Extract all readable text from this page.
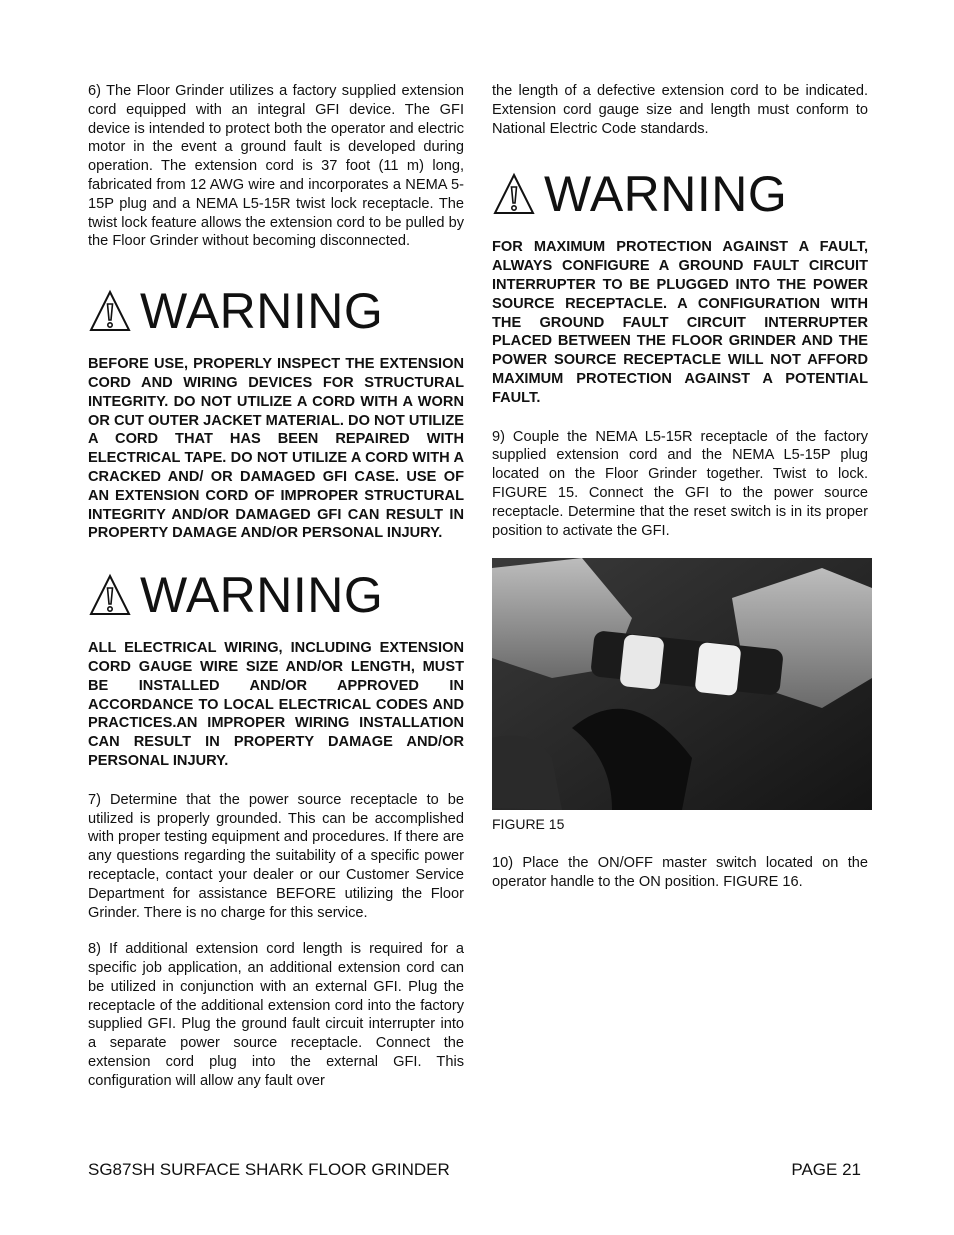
6) The Floor Grinder utilizes a factory supplied extension cord equipped with an integral GFI device. The GFI device is intended to protect both the operator and electric motor in the event a ground fault is developed during operation. The extension cord is 37 foot (11 m) long, fabricated from 12 AWG wire and incorporates a NEMA 5-15P plug and a NEMA L5-15R twist lock receptacle. The twist lock feature allows the extension cord to be pulled by the Floor Grinder without becoming disconnected.

WARNING

BEFORE USE, PROPERLY INSPECT THE EXTENSION CORD AND WIRING DEVICES FOR STRUCTURAL INTEGRITY. DO NOT UTILIZE A CORD WITH A WORN OR CUT OUTER JACKET MATERIAL. DO NOT UTILIZE A CORD THAT HAS BEEN REPAIRED WITH ELECTRICAL TAPE. DO NOT UTILIZE A CORD WITH A CRACKED AND/ OR DAMAGED GFI CASE. USE OF AN EXTENSION CORD OF IMPROPER STRUCTURAL INTEGRITY AND/OR DAMAGED GFI CAN RESULT IN PROPERTY DAMAGE AND/OR PERSONAL INJURY.

WARNING

ALL ELECTRICAL WIRING, INCLUDING EXTENSION CORD GAUGE WIRE SIZE AND/OR LENGTH, MUST BE INSTALLED AND/OR APPROVED IN ACCORDANCE TO LOCAL ELECTRICAL CODES AND PRACTICES.AN IMPROPER WIRING INSTALLATION CAN RESULT IN PROPERTY DAMAGE AND/OR PERSONAL INJURY.

7) Determine that the power source receptacle to be utilized is properly grounded. This can be accomplished with proper testing equipment and procedures. If there are any questions regarding the suitability of a specific power receptacle, contact your dealer or our Customer Service Department for assistance BEFORE utilizing the Floor Grinder. There is no charge for this service.

8) If additional extension cord length is required for a specific job application, an additional extension cord can be utilized in conjunction with an external GFI. Plug the receptacle of the additional extension cord into the factory supplied GFI. Plug the ground fault circuit interrupter into a separate power source receptacle. Connect the extension cord plug into the external GFI. This configuration will allow any fault over

the length of a defective extension cord to be indicated. Extension cord gauge size and length must conform to National Electric Code standards.

WARNING

FOR MAXIMUM PROTECTION AGAINST A FAULT, ALWAYS CONFIGURE A GROUND FAULT CIRCUIT INTERRUPTER TO BE PLUGGED INTO THE POWER SOURCE RECEPTACLE. A CONFIGURATION WITH THE GROUND FAULT CIRCUIT INTERRUPTER PLACED BETWEEN THE FLOOR GRINDER AND THE POWER SOURCE RECEPTACLE WILL NOT AFFORD MAXIMUM PROTECTION AGAINST A POTENTIAL FAULT.

9) Couple the NEMA L5-15R receptacle of the factory supplied extension cord and the NEMA L5-15P plug located on the Floor Grinder together. Twist to lock. FIGURE 15. Connect the GFI to the power source receptacle. Determine that the reset switch is in its proper position to activate the GFI.

FIGURE 15

10) Place the ON/OFF master switch located on the operator handle to the ON position. FIGURE 16.

SG87SH SURFACE SHARK FLOOR GRINDER	PAGE 21
